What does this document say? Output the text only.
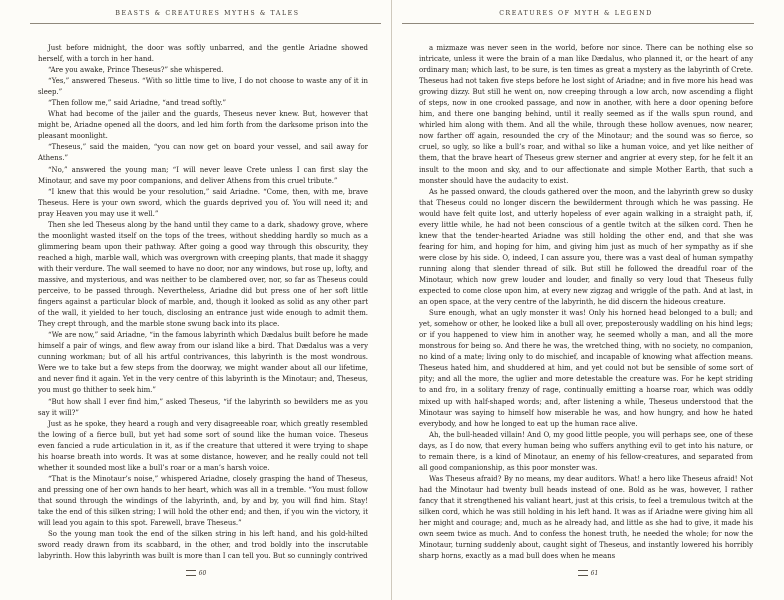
BEASTS & CREATURES MYTHS & TALES

Just before midnight, the door was softly unbarred, and the gentle Ariadne showed herself, with a torch in her hand.

“Are you awake, Prince Theseus?” she whispered.

“Yes,” answered Theseus. “With so little time to live, I do not choose to waste any of it in sleep.”

“Then follow me,” said Ariadne, “and tread softly.”

What had become of the jailer and the guards, Theseus never knew. But, however that might be, Ariadne opened all the doors, and led him forth from the darksome prison into the pleasant moonlight.

“Theseus,” said the maiden, “you can now get on board your vessel, and sail away for Athens.”

“No,” answered the young man; “I will never leave Crete unless I can first slay the Minotaur, and save my poor companions, and deliver Athens from this cruel tribute.”

“I knew that this would be your resolution,” said Ariadne. “Come, then, with me, brave Theseus. Here is your own sword, which the guards deprived you of. You will need it; and pray Heaven you may use it well.”

Then she led Theseus along by the hand until they came to a dark, shadowy grove, where the moonlight wasted itself on the tops of the trees, without shedding hardly so much as a glimmering beam upon their pathway. After going a good way through this obscurity, they reached a high, marble wall, which was overgrown with creeping plants, that made it shaggy with their verdure. The wall seemed to have no door, nor any windows, but rose up, lofty, and massive, and mysterious, and was neither to be clambered over, nor, so far as Theseus could perceive, to be passed through. Nevertheless, Ariadne did but press one of her soft little fingers against a particular block of marble, and, though it looked as solid as any other part of the wall, it yielded to her touch, disclosing an entrance just wide enough to admit them. They crept through, and the marble stone swung back into its place.

“We are now,” said Ariadne, “in the famous labyrinth which Dædalus built before he made himself a pair of wings, and flew away from our island like a bird. That Dædalus was a very cunning workman; but of all his artful contrivances, this labyrinth is the most wondrous. Were we to take but a few steps from the doorway, we might wander about all our lifetime, and never find it again. Yet in the very centre of this labyrinth is the Minotaur; and, Theseus, you must go thither to seek him.”

“But how shall I ever find him,” asked Theseus, “if the labyrinth so bewilders me as you say it will?”

Just as he spoke, they heard a rough and very disagreeable roar, which greatly resembled the lowing of a fierce bull, but yet had some sort of sound like the human voice. Theseus even fancied a rude articulation in it, as if the creature that uttered it were trying to shape his hoarse breath into words. It was at some distance, however, and he really could not tell whether it sounded most like a bull’s roar or a man’s harsh voice.

“That is the Minotaur’s noise,” whispered Ariadne, closely grasping the hand of Theseus, and pressing one of her own hands to her heart, which was all in a tremble. “You must follow that sound through the windings of the labyrinth, and, by and by, you will find him. Stay! take the end of this silken string; I will hold the other end; and then, if you win the victory, it will lead you again to this spot. Farewell, brave Theseus.”

So the young man took the end of the silken string in his left hand, and his gold-hilted sword ready drawn from its scabbard, in the other, and trod boldly into the inscrutable labyrinth. How this labyrinth was built is more than I can tell you. But so cunningly contrived

60
CREATURES OF MYTH & LEGEND

a mizmaze was never seen in the world, before nor since. There can be nothing else so intricate, unless it were the brain of a man like Dædalus, who planned it, or the heart of any ordinary man; which last, to be sure, is ten times as great a mystery as the labyrinth of Crete. Theseus had not taken five steps before he lost sight of Ariadne; and in five more his head was growing dizzy. But still he went on, now creeping through a low arch, now ascending a flight of steps, now in one crooked passage, and now in another, with here a door opening before him, and there one banging behind, until it really seemed as if the walls spun round, and whirled him along with them. And all the while, through these hollow avenues, now nearer, now farther off again, resounded the cry of the Minotaur; and the sound was so fierce, so cruel, so ugly, so like a bull’s roar, and withal so like a human voice, and yet like neither of them, that the brave heart of Theseus grew sterner and angrier at every step, for he felt it an insult to the moon and sky, and to our affectionate and simple Mother Earth, that such a monster should have the audacity to exist.

As he passed onward, the clouds gathered over the moon, and the labyrinth grew so dusky that Theseus could no longer discern the bewilderment through which he was passing. He would have felt quite lost, and utterly hopeless of ever again walking in a straight path, if, every little while, he had not been conscious of a gentle twitch at the silken cord. Then he knew that the tender-hearted Ariadne was still holding the other end, and that she was fearing for him, and hoping for him, and giving him just as much of her sympathy as if she were close by his side. O, indeed, I can assure you, there was a vast deal of human sympathy running along that slender thread of silk. But still he followed the dreadful roar of the Minotaur, which now grew louder and louder, and finally so very loud that Theseus fully expected to come close upon him, at every new zigzag and wriggle of the path. And at last, in an open space, at the very centre of the labyrinth, he did discern the hideous creature.

Sure enough, what an ugly monster it was! Only his horned head belonged to a bull; and yet, somehow or other, he looked like a bull all over, preposterously waddling on his hind legs; or if you happened to view him in another way, he seemed wholly a man, and all the more monstrous for being so. And there he was, the wretched thing, with no society, no companion, no kind of a mate; living only to do mischief, and incapable of knowing what affection means. Theseus hated him, and shuddered at him, and yet could not but be sensible of some sort of pity; and all the more, the uglier and more detestable the creature was. For he kept striding to and fro, in a solitary frenzy of rage, continually emitting a hoarse roar, which was oddly mixed up with half-shaped words; and, after listening a while, Theseus understood that the Minotaur was saying to himself how miserable he was, and how hungry, and how he hated everybody, and how he longed to eat up the human race alive.

Ah, the bull-headed villain! And O, my good little people, you will perhaps see, one of these days, as I do now, that every human being who suffers anything evil to get into his nature, or to remain there, is a kind of Minotaur, an enemy of his fellow-creatures, and separated from all good companionship, as this poor monster was.

Was Theseus afraid? By no means, my dear auditors. What! a hero like Theseus afraid! Not had the Minotaur had twenty bull heads instead of one. Bold as he was, however, I rather fancy that it strengthened his valiant heart, just at this crisis, to feel a tremulous twitch at the silken cord, which he was still holding in his left hand. It was as if Ariadne were giving him all her might and courage; and, much as he already had, and little as she had to give, it made his own seem twice as much. And to confess the honest truth, he needed the whole; for now the Minotaur, turning suddenly about, caught sight of Theseus, and instantly lowered his horribly sharp horns, exactly as a mad bull does when he means

61
